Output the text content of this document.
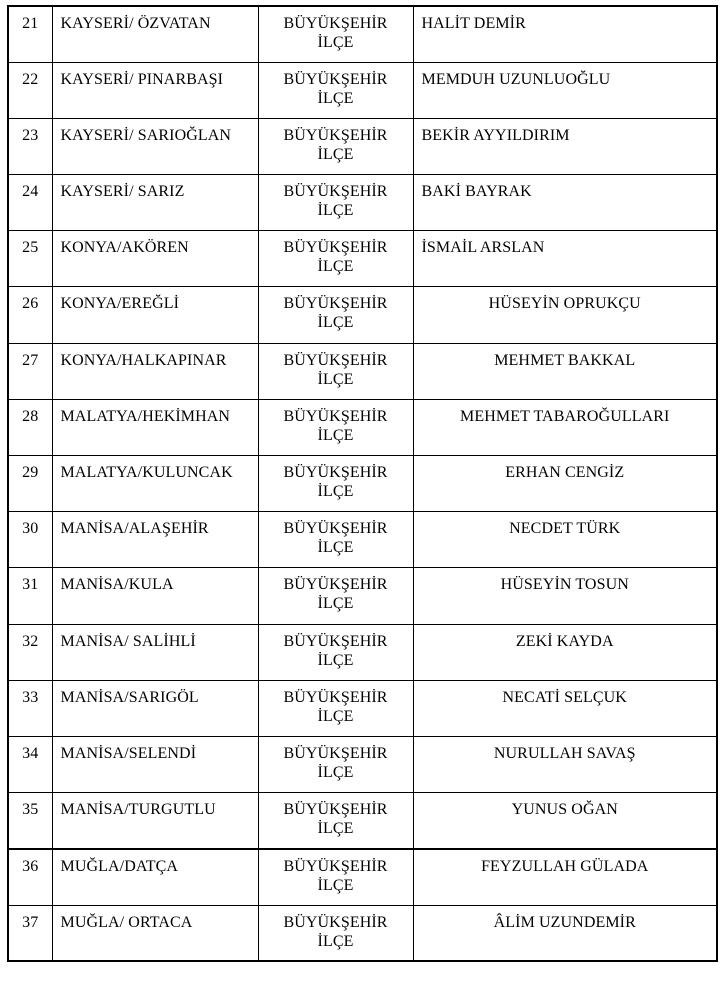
21	KAYSERİ/ ÖZVATAN	BÜYÜKŞEHİR İLÇE	HALİT DEMİR
22	KAYSERİ/ PINARBAŞI	BÜYÜKŞEHİR İLÇE	MEMDUH UZUNLUOĞLU
23	KAYSERİ/ SARIOĞLAN	BÜYÜKŞEHİR İLÇE	BEKİR AYYILDIRIM
24	KAYSERİ/ SARIZ	BÜYÜKŞEHİR İLÇE	BAKİ BAYRAK
25	KONYA/AKÖREN	BÜYÜKŞEHİR İLÇE	İSMAİL ARSLAN
26	KONYA/EREĞLİ	BÜYÜKŞEHİR İLÇE	HÜSEYİN OPRUKÇU
27	KONYA/HALKAPINAR	BÜYÜKŞEHİR İLÇE	MEHMET BAKKAL
28	MALATYA/HEKİMHAN	BÜYÜKŞEHİR İLÇE	MEHMET TABAROĞULLARI
29	MALATYA/KULUNCAK	BÜYÜKŞEHİR İLÇE	ERHAN CENGİZ
30	MANİSA/ALAŞEHİR	BÜYÜKŞEHİR İLÇE	NECDET TÜRK
31	MANİSA/KULA	BÜYÜKŞEHİR İLÇE	HÜSEYİN TOSUN
32	MANİSA/ SALİHLİ	BÜYÜKŞEHİR İLÇE	ZEKİ KAYDA
33	MANİSA/SARIGÖL	BÜYÜKŞEHİR İLÇE	NECATİ SELÇUK
34	MANİSA/SELENDİ	BÜYÜKŞEHİR İLÇE	NURULLAH SAVAŞ
35	MANİSA/TURGUTLU	BÜYÜKŞEHİR İLÇE	YUNUS OĞAN
36	MUĞLA/DATÇA	BÜYÜKŞEHİR İLÇE	FEYZULLAH GÜLADA
37	MUĞLA/ ORTACA	BÜYÜKŞEHİR İLÇE	ÂLİM UZUNDEMİR
